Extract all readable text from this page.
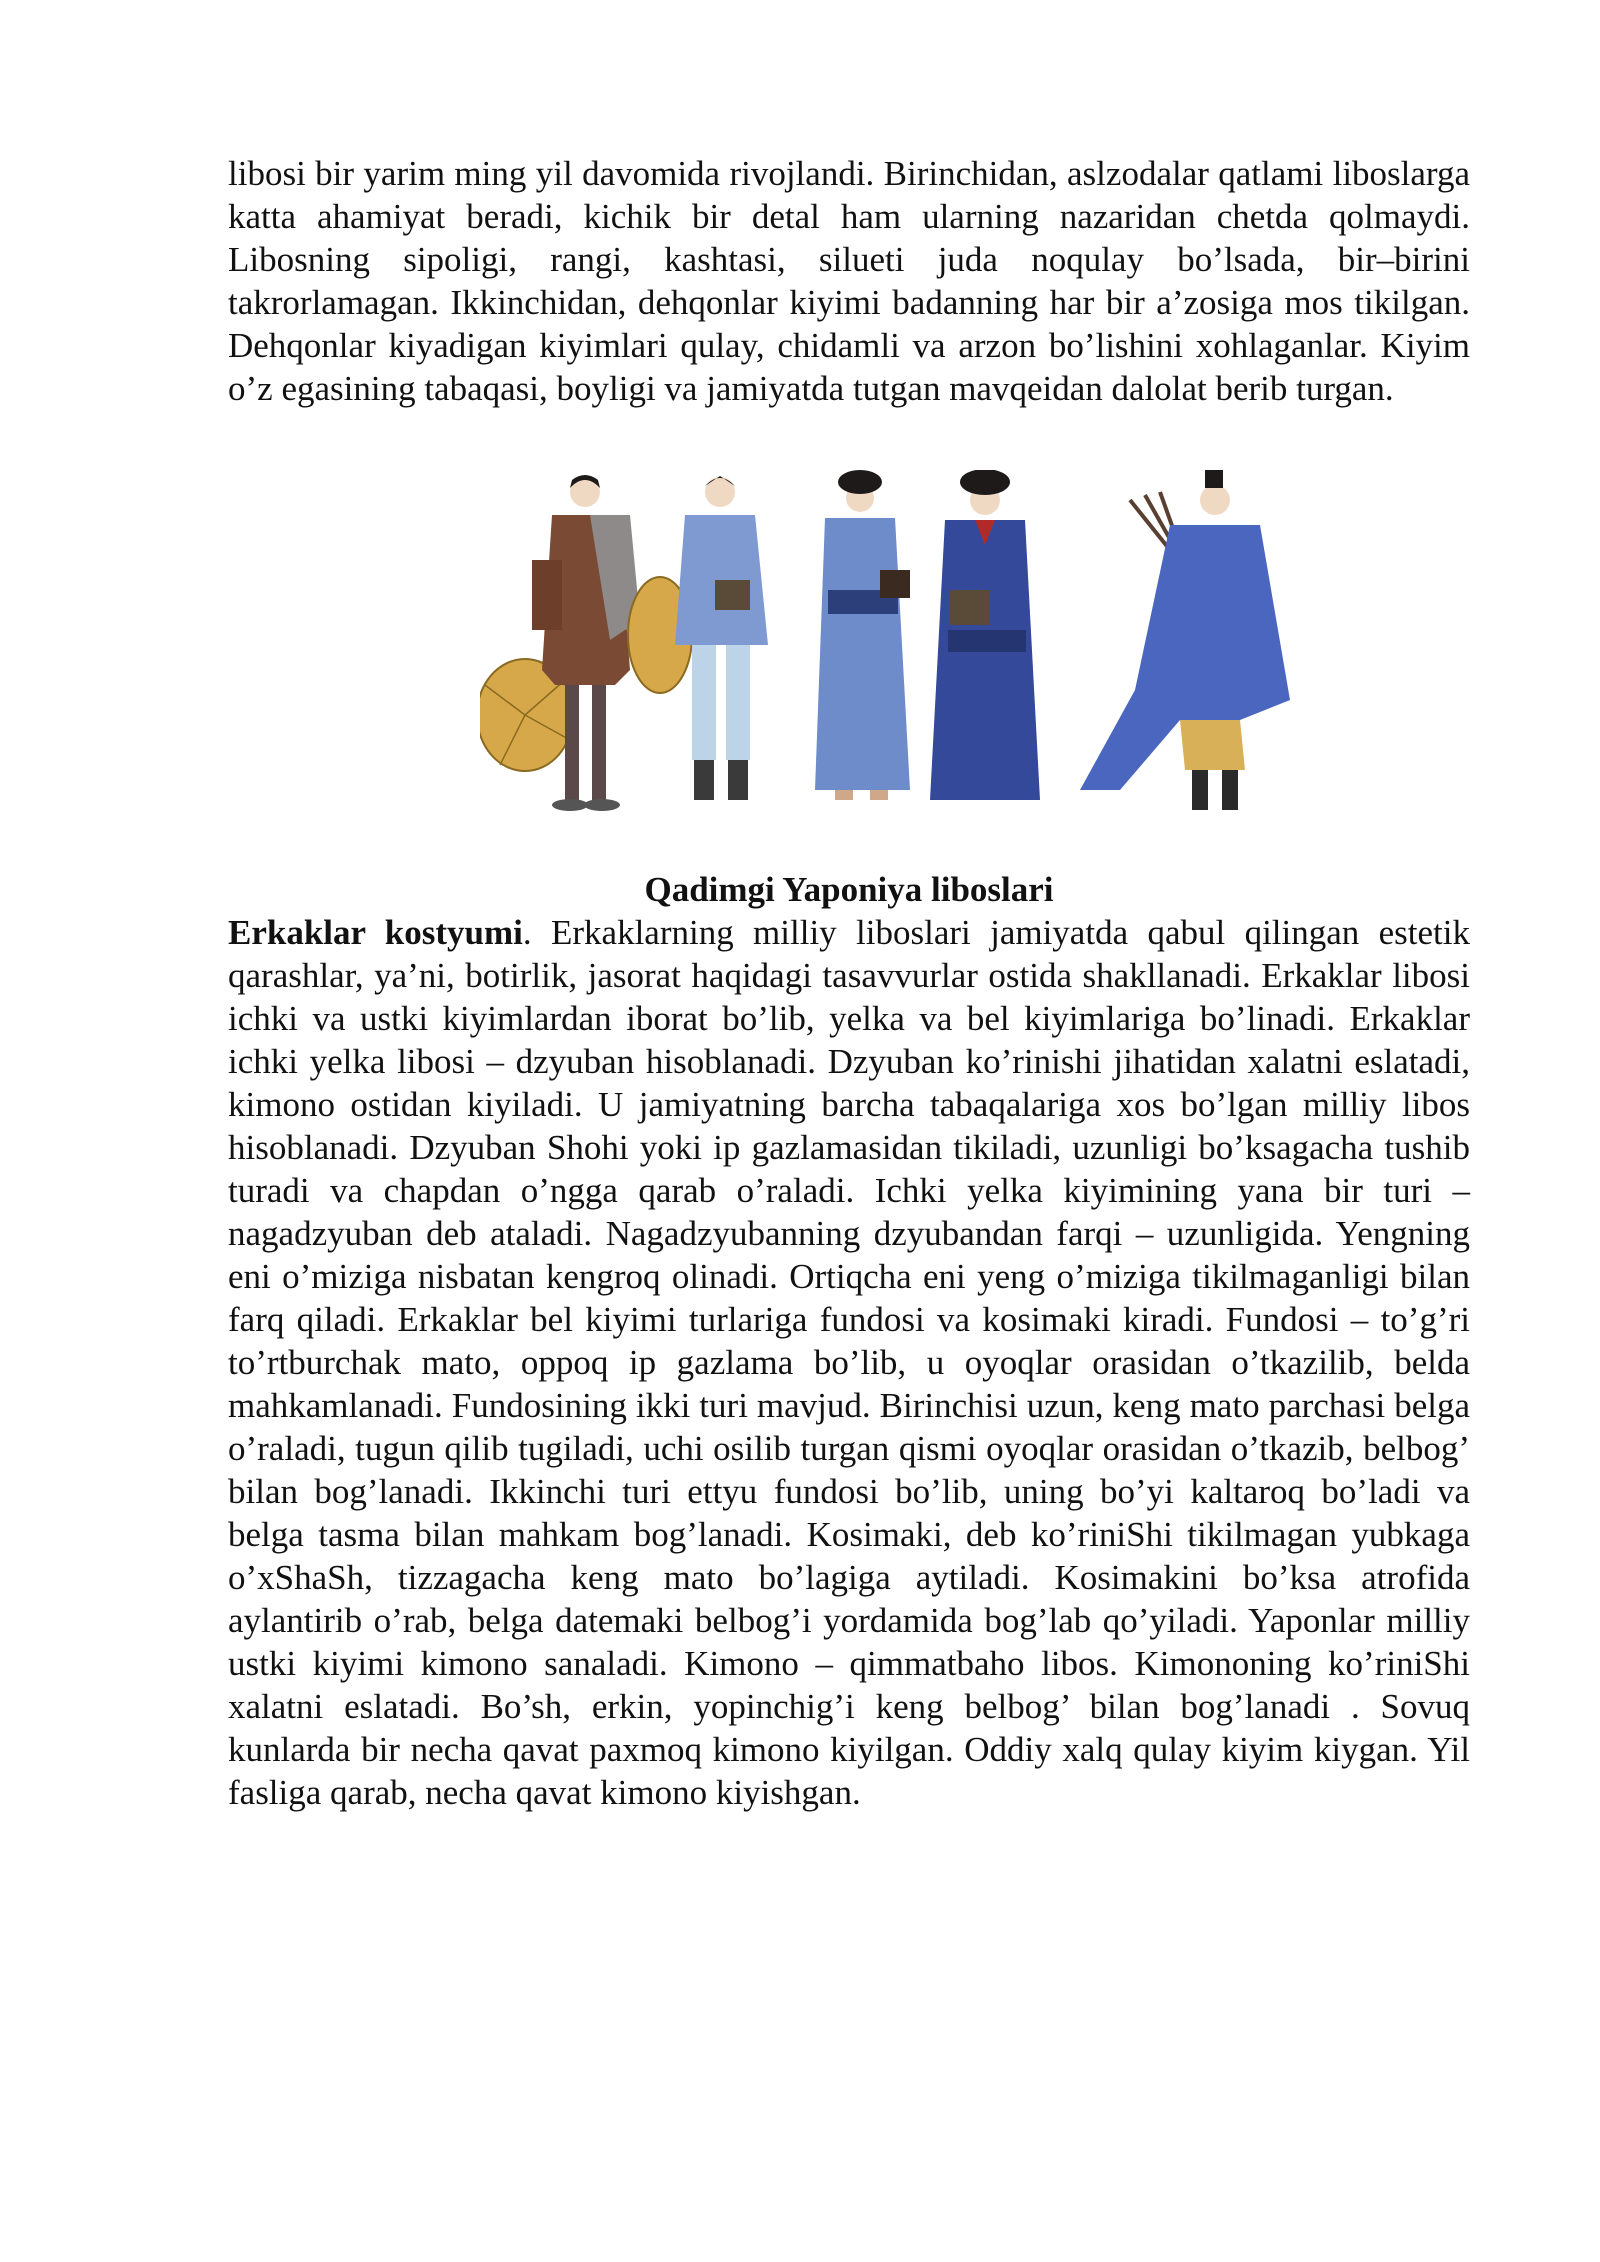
libosi bir yarim ming yil davomida rivojlandi. Birinchidan, aslzodalar qatlami liboslarga katta ahamiyat beradi, kichik bir detal ham ularning nazaridan chetda qolmaydi. Libosning sipoligi, rangi, kashtasi, silueti juda noqulay bo’lsada, bir–birini takrorlamagan. Ikkinchidan, dehqonlar kiyimi badanning har bir a’zosiga mos tikilgan. Dehqonlar kiyadigan kiyimlari qulay, chidamli va arzon bo’lishini xohlaganlar. Kiyim o’z egasining tabaqasi, boyligi va jamiyatda tutgan mavqeidan dalolat berib turgan.

Qadimgi Yaponiya liboslari

Erkaklar kostyumi. Erkaklarning milliy liboslari jamiyatda qabul qilingan estetik qarashlar, ya’ni, botirlik, jasorat haqidagi tasavvurlar ostida shakllanadi. Erkaklar libosi ichki va ustki kiyimlardan iborat bo’lib, yelka va bel kiyimlariga bo’linadi. Erkaklar ichki yelka libosi – dzyuban hisoblanadi. Dzyuban ko’rinishi jihatidan xalatni eslatadi, kimono ostidan kiyiladi. U jamiyatning barcha tabaqalariga xos bo’lgan milliy libos hisoblanadi. Dzyuban Shohi yoki ip gazlamasidan tikiladi, uzunligi bo’ksagacha tushib turadi va chapdan o’ngga qarab o’raladi. Ichki yelka kiyimining yana bir turi – nagadzyuban deb ataladi. Nagadzyubanning dzyubandan farqi – uzunligida. Yengning eni o’miziga nisbatan kengroq olinadi. Ortiqcha eni yeng o’miziga tikilmaganligi bilan farq qiladi. Erkaklar bel kiyimi turlariga fundosi va kosimaki kiradi. Fundosi – to’g’ri to’rtburchak mato, oppoq ip gazlama bo’lib, u oyoqlar orasidan o’tkazilib, belda mahkamlanadi. Fundosining ikki turi mavjud. Birinchisi uzun, keng mato parchasi belga o’raladi, tugun qilib tugiladi, uchi osilib turgan qismi oyoqlar orasidan o’tkazib, belbog’ bilan bog’lanadi. Ikkinchi turi ettyu fundosi bo’lib, uning bo’yi kaltaroq bo’ladi va belga tasma bilan mahkam bog’lanadi. Kosimaki, deb ko’riniShi tikilmagan yubkaga o’xShaSh, tizzagacha keng mato bo’lagiga aytiladi. Kosimakini bo’ksa atrofida aylantirib o’rab, belga datemaki belbog’i yordamida bog’lab qo’yiladi. Yaponlar milliy ustki kiyimi kimono sanaladi. Kimono – qimmatbaho libos. Kimononing ko’riniShi xalatni eslatadi. Bo’sh, erkin, yopinchig’i keng belbog’ bilan bog’lanadi . Sovuq kunlarda bir necha qavat paxmoq kimono kiyilgan. Oddiy xalq qulay kiyim kiygan. Yil fasliga qarab, necha qavat kimono kiyishgan.
